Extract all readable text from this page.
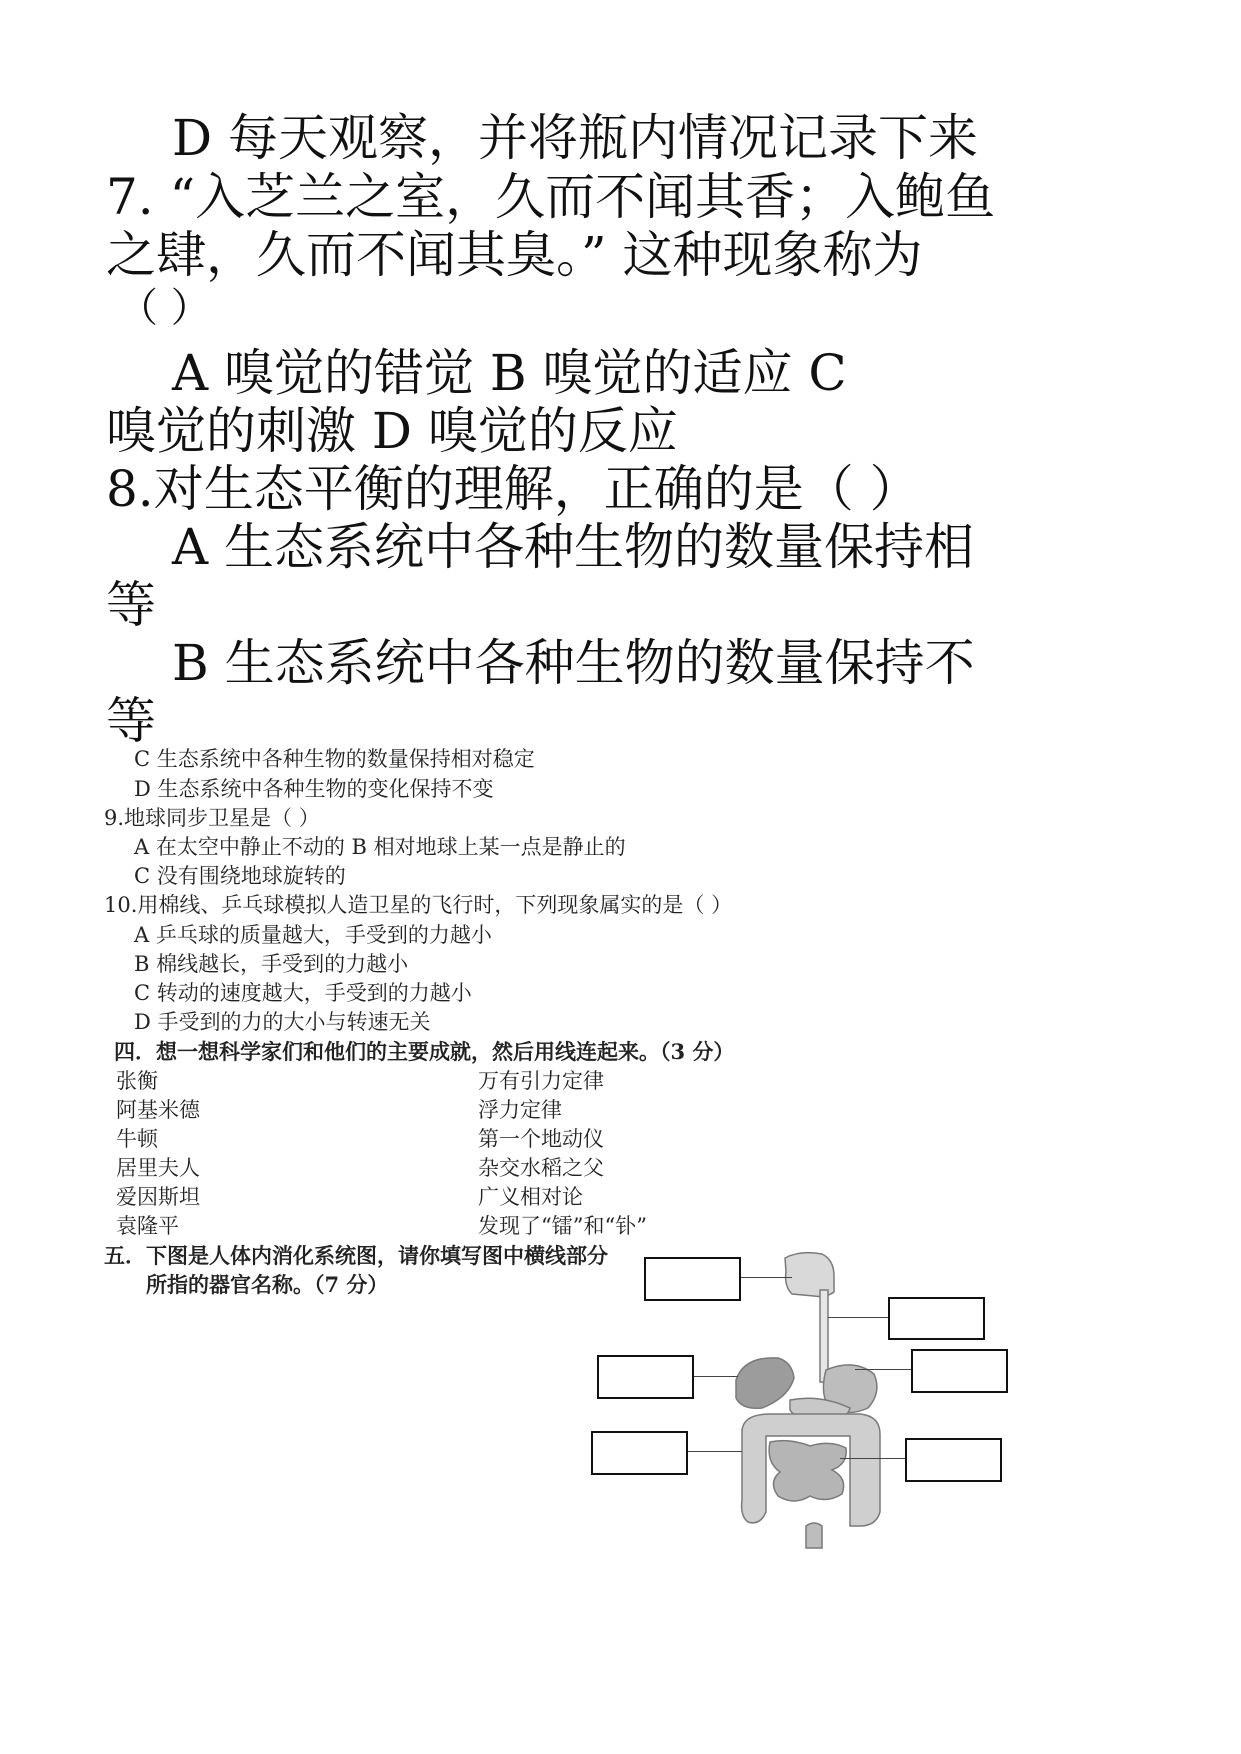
D 每天观察，并将瓶内情况记录下来
7. “入芝兰之室，久而不闻其香；入鲍鱼
之肆，久而不闻其臭。” 这种现象称为
（ ）
A 嗅觉的错觉 B 嗅觉的适应 C
嗅觉的刺激 D 嗅觉的反应
8.对生态平衡的理解，正确的是（ ）
A 生态系统中各种生物的数量保持相
等
B 生态系统中各种生物的数量保持不
等
C 生态系统中各种生物的数量保持相对稳定
D 生态系统中各种生物的变化保持不变
9.地球同步卫星是（ ）
A 在太空中静止不动的 B 相对地球上某一点是静止的
C 没有围绕地球旋转的
10.用棉线、乒乓球模拟人造卫星的飞行时，下列现象属实的是（ ）
A 乒乓球的质量越大，手受到的力越小
B 棉线越长，手受到的力越小
C 转动的速度越大，手受到的力越小
D 手受到的力的大小与转速无关
四．想一想科学家们和他们的主要成就，然后用线连起来。（3 分）
张衡
阿基米德
牛顿
居里夫人
爱因斯坦
袁隆平
万有引力定律
浮力定律
第一个地动仪
杂交水稻之父
广义相对论
发现了“镭”和“钋”
五．下图是人体内消化系统图，请你填写图中横线部分
所指的器官名称。（7 分）
